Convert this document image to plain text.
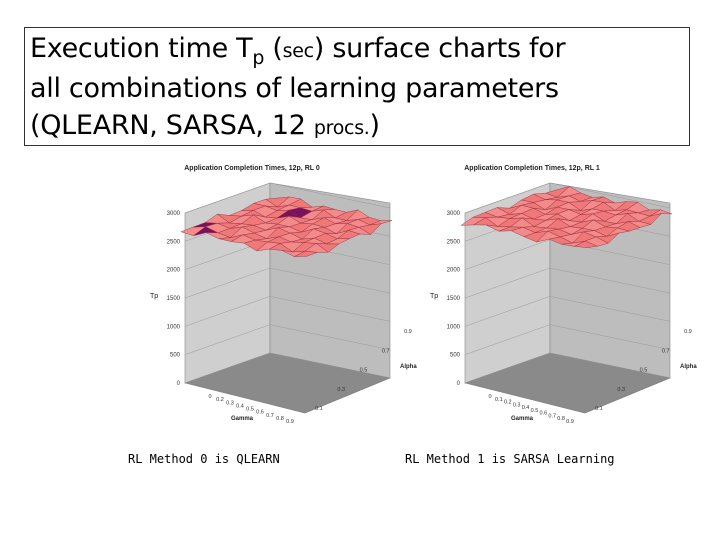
Execution time $T_p$ (sec) surface charts for
all combinations of learning parameters
(QLEARN, SARSA, 12 procs.)
Application Completion Times, 12p, RL 0
0
500
1000
1500
2000
2500
3000
Tp
0
0.2
0.3
0.4
0.5
0.6
0.7
0.8
0.9
Gamma
0.1
0.3
0.5
0.7
0.9
Alpha
Application Completion Times, 12p, RL 1
0
500
1000
1500
2000
2500
3000
Tp
0 0.1 0.2 0.3 0.4 0.5 0.6 0.7 0.8 0.9
Gamma
0.1
0.3
0.5
0.7
0.9
Alpha
RL Method 0 is QLEARN	RL Method 1 is SARSA Learning
